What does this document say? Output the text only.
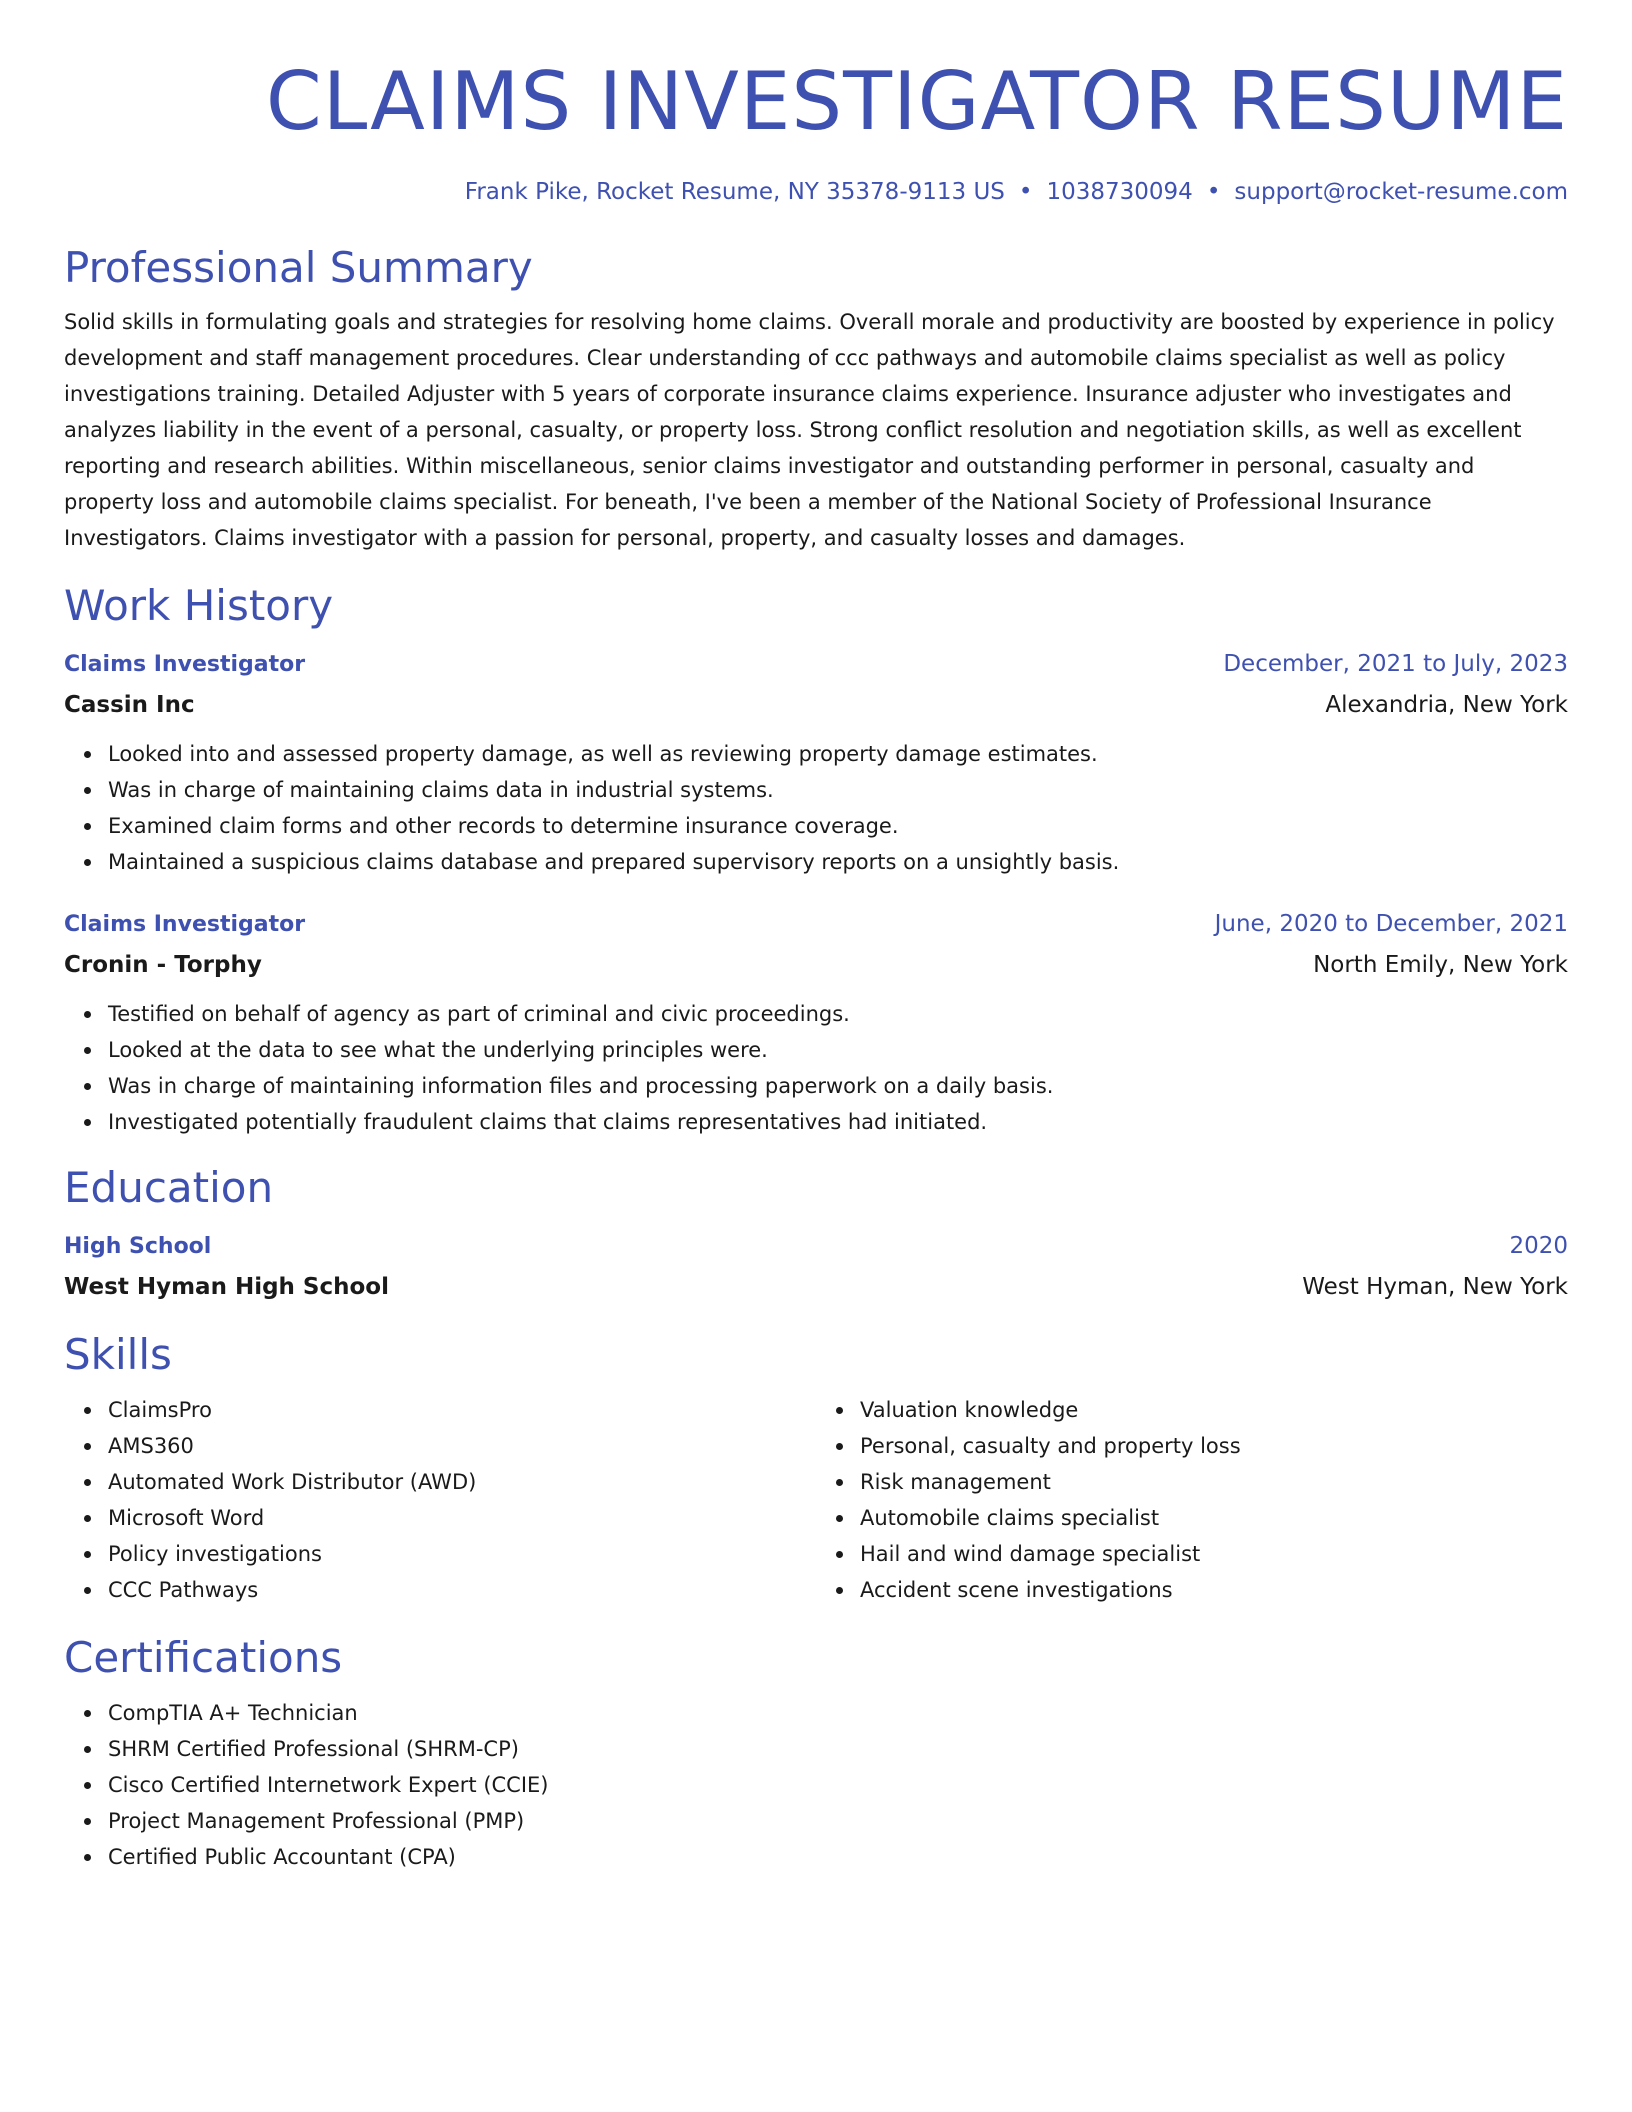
CLAIMS INVESTIGATOR RESUME
Frank Pike, Rocket Resume, NY 35378-9113 US • 1038730094 • support@rocket-resume.com
Professional Summary

Solid skills in formulating goals and strategies for resolving home claims. Overall morale and productivity are boosted by experience in policy development and staff management procedures. Clear understanding of ccc pathways and automobile claims specialist as well as policy investigations training. Detailed Adjuster with 5 years of corporate insurance claims experience. Insurance adjuster who investigates and analyzes liability in the event of a personal, casualty, or property loss. Strong conflict resolution and negotiation skills, as well as excellent reporting and research abilities. Within miscellaneous, senior claims investigator and outstanding performer in personal, casualty and property loss and automobile claims specialist. For beneath, I've been a member of the National Society of Professional Insurance Investigators. Claims investigator with a passion for personal, property, and casualty losses and damages.

Work History
Claims Investigator	December, 2021 to July, 2023
Cassin Inc	Alexandria, New York
Looked into and assessed property damage, as well as reviewing property damage estimates.
Was in charge of maintaining claims data in industrial systems.
Examined claim forms and other records to determine insurance coverage.
Maintained a suspicious claims database and prepared supervisory reports on a unsightly basis.
Claims Investigator	June, 2020 to December, 2021
Cronin - Torphy	North Emily, New York
Testified on behalf of agency as part of criminal and civic proceedings.
Looked at the data to see what the underlying principles were.
Was in charge of maintaining information files and processing paperwork on a daily basis.
Investigated potentially fraudulent claims that claims representatives had initiated.
Education
High School	2020
West Hyman High School	West Hyman, New York
Skills
ClaimsPro
AMS360
Automated Work Distributor (AWD)
Microsoft Word
Policy investigations
CCC Pathways
Valuation knowledge
Personal, casualty and property loss
Risk management
Automobile claims specialist
Hail and wind damage specialist
Accident scene investigations
Certifications
CompTIA A+ Technician
SHRM Certified Professional (SHRM-CP)
Cisco Certified Internetwork Expert (CCIE)
Project Management Professional (PMP)
Certified Public Accountant (CPA)
